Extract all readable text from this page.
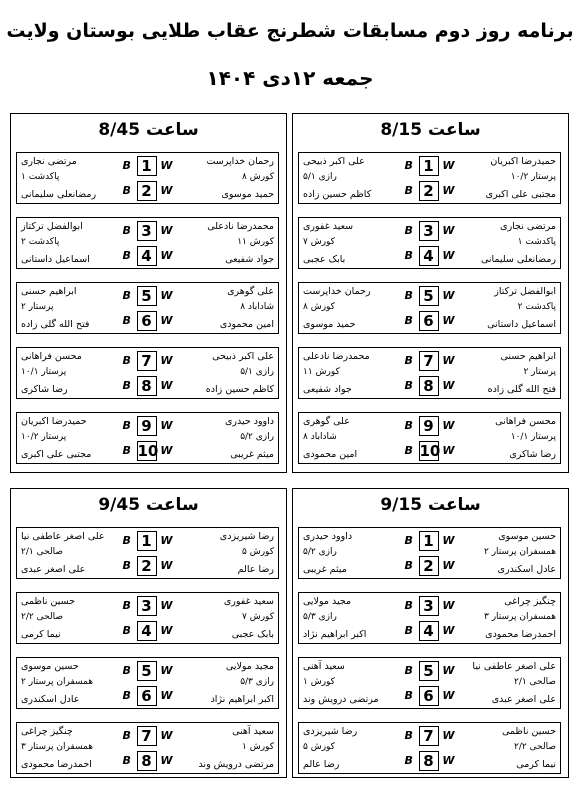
برنامه روز دوم مسابقات شطرنج عقاب طلایی بوستان ولایت
جمعه ۱۲دی ۱۴۰۴
ساعت 8/45
مرتضی نجاری
پاکدشت ۱
رمضانعلی سلیمانی
B 1 W
B 2 W
رحمان خداپرست
کورش ۸
حمید موسوی
ابوالفضل ترکتاز
پاکدشت ۲
اسماعیل داستانی
B 3 W
B 4 W
محمدرضا نادعلی
کورش ۱۱
جواد شفیعی
ابراهیم حسنی
پرستار ۲
فتح الله گلی زاده
B 5 W
B 6 W
علی گوهری
شاداباد ۸
امین محمودی
محسن فراهانی
پرستار ۱۰/۱
رضا شاکری
B 7 W
B 8 W
علی اکبر ذبیحی
رازی ۵/۱
کاظم حسین زاده
حمیدرضا اکبریان
پرستار ۱۰/۲
مجتبی علی اکبری
B 9 W
B 10 W
داوود حیدری
رازی ۵/۲
میثم غریبی
ساعت 8/15
علی اکبر ذبیحی
رازی ۵/۱
کاظم حسین زاده
B 1 W
B 2 W
حمیدرضا اکبریان
پرستار ۱۰/۲
مجتبی علی اکبری
سعید غفوری
کورش ۷
بابک عجبی
B 3 W
B 4 W
مرتضی نجاری
پاکدشت ۱
رمضانعلی سلیمانی
رحمان خداپرست
کورش ۸
حمید موسوی
B 5 W
B 6 W
ابوالفضل ترکتاز
پاکدشت ۲
اسماعیل داستانی
محمدرضا نادعلی
کورش ۱۱
جواد شفیعی
B 7 W
B 8 W
ابراهیم حسنی
پرستار ۲
فتح الله گلی زاده
علی گوهری
شاداباد ۸
امین محمودی
B 9 W
B 10 W
محسن فراهانی
پرستار ۱۰/۱
رضا شاکری
ساعت 9/45
علی اصغر عاطفی نیا
صالحی ۲/۱
علی اصغر عبدی
B 1 W
B 2 W
رضا شیریزدی
کورش ۵
رضا عالم
حسین ناظمی
صالحی ۲/۲
نیما کرمی
B 3 W
B 4 W
سعید غفوری
کورش ۷
بابک عجبی
حسین موسوی
همسفران پرستار ۲
عادل اسکندری
B 5 W
B 6 W
مجید مولایی
رازی ۵/۳
اکبر ابراهیم نژاد
چنگیز چراغی
همسفران پرستار ۳
احمدرضا محمودی
B 7 W
B 8 W
سعید آهنی
کورش ۱
مرتضی درویش وند
ساعت 9/15
داوود حیدری
رازی ۵/۲
میثم غریبی
B 1 W
B 2 W
حسین موسوی
همسفران پرستار ۲
عادل اسکندری
مجید مولایی
رازی ۵/۳
اکبر ابراهیم نژاد
B 3 W
B 4 W
چنگیز چراغی
همسفران پرستار ۳
احمدرضا محمودی
سعید آهنی
کورش ۱
مرتضی درویش وند
B 5 W
B 6 W
علی اصغر عاطفی نیا
صالحی ۲/۱
علی اصغر عبدی
رضا شیریزدی
کورش ۵
رضا عالم
B 7 W
B 8 W
حسین ناظمی
صالحی ۲/۲
نیما کرمی
